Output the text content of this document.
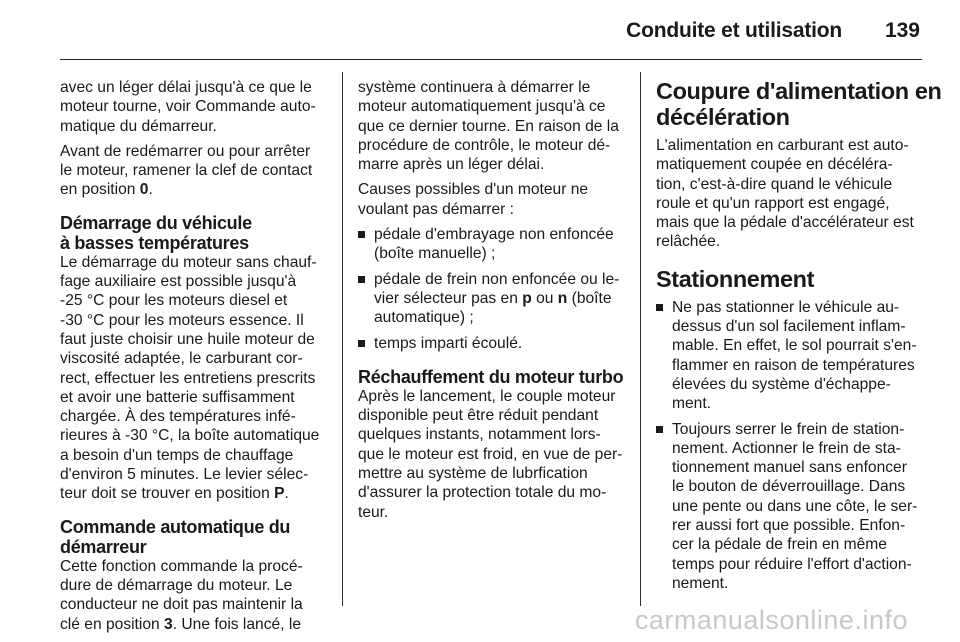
Conduite et utilisation 139

avec un léger délai jusqu'à ce que le
moteur tourne, voir Commande auto-
matique du démarreur.

Avant de redémarrer ou pour arrêter
le moteur, ramener la clef de contact
en position 0.

Démarrage du véhicule
à basses températures

Le démarrage du moteur sans chauf-
fage auxiliaire est possible jusqu'à
-25 °C pour les moteurs diesel et
-30 °C pour les moteurs essence. Il
faut juste choisir une huile moteur de
viscosité adaptée, le carburant cor-
rect, effectuer les entretiens prescrits
et avoir une batterie suffisamment
chargée. À des températures infé-
rieures à -30 °C, la boîte automatique
a besoin d'un temps de chauffage
d'environ 5 minutes. Le levier sélec-
teur doit se trouver en position P.

Commande automatique du
démarreur

Cette fonction commande la procé-
dure de démarrage du moteur. Le
conducteur ne doit pas maintenir la
clé en position 3. Une fois lancé, le

système continuera à démarrer le
moteur automatiquement jusqu'à ce
que ce dernier tourne. En raison de la
procédure de contrôle, le moteur dé-
marre après un léger délai.

Causes possibles d'un moteur ne
voulant pas démarrer :

pédale d'embrayage non enfoncée
(boîte manuelle) ;
pédale de frein non enfoncée ou le-
vier sélecteur pas en p ou n (boîte
automatique) ;
temps imparti écoulé.
Réchauffement du moteur turbo

Après le lancement, le couple moteur
disponible peut être réduit pendant
quelques instants, notamment lors-
que le moteur est froid, en vue de per-
mettre au système de lubrfication
d'assurer la protection totale du mo-
teur.

Coupure d'alimentation en
décélération

L'alimentation en carburant est auto-
matiquement coupée en décéléra-
tion, c'est-à-dire quand le véhicule
roule et qu'un rapport est engagé,
mais que la pédale d'accélérateur est
relâchée.

Stationnement
Ne pas stationner le véhicule au-
dessus d'un sol facilement inflam-
mable. En effet, le sol pourrait s'en-
flammer en raison de températures
élevées du système d'échappe-
ment.
Toujours serrer le frein de station-
nement. Actionner le frein de sta-
tionnement manuel sans enfoncer
le bouton de déverrouillage. Dans
une pente ou dans une côte, le ser-
rer aussi fort que possible. Enfon-
cer la pédale de frein en même
temps pour réduire l'effort d'action-
nement.
carmanualsonline.info
